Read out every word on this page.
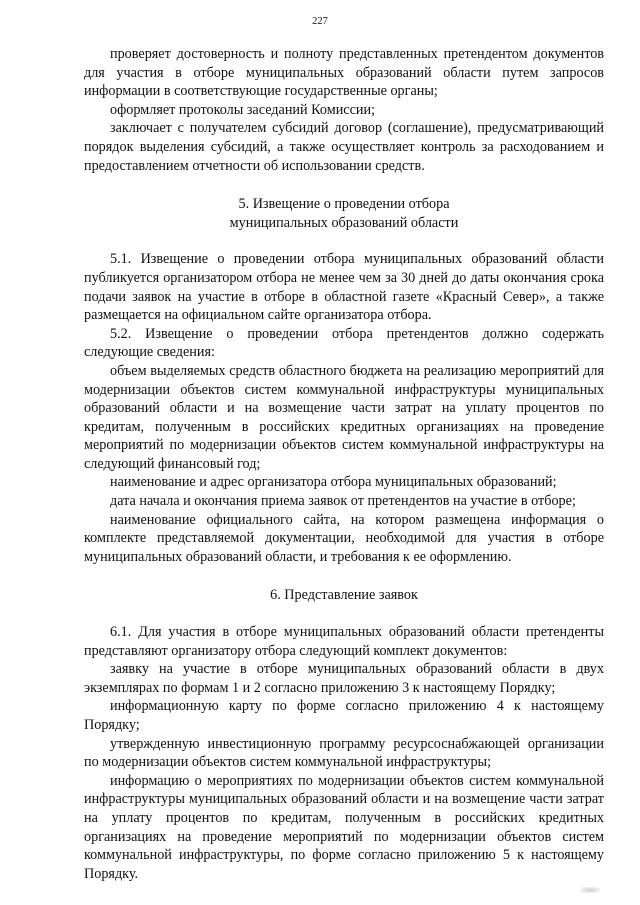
227

проверяет достоверность и полноту представленных претендентом документов для участия в отборе муниципальных образований области путем запросов информации в соответствующие государственные органы;

оформляет протоколы заседаний Комиссии;

заключает с получателем субсидий договор (соглашение), предусматривающий порядок выделения субсидий, а также осуществляет контроль за расходованием и предоставлением отчетности об использовании средств.

5. Извещение о проведении отбора
муниципальных образований области

5.1. Извещение о проведении отбора муниципальных образований области публикуется организатором отбора не менее чем за 30 дней до даты окончания срока подачи заявок на участие в отборе в областной газете «Красный Север», а также размещается на официальном сайте организатора отбора.

5.2. Извещение о проведении отбора претендентов должно содержать следующие сведения:

объем выделяемых средств областного бюджета на реализацию мероприятий для модернизации объектов систем коммунальной инфраструктуры муниципальных образований области и на возмещение части затрат на уплату процентов по кредитам, полученным в российских кредитных организациях на проведение мероприятий по модернизации объектов систем коммунальной инфраструктуры на следующий финансовый год;

наименование и адрес организатора отбора муниципальных образований;

дата начала и окончания приема заявок от претендентов на участие в отборе;

наименование официального сайта, на котором размещена информация о комплекте представляемой документации, необходимой для участия в отборе муниципальных образований области, и требования к ее оформлению.

6. Представление заявок

6.1. Для участия в отборе муниципальных образований области претенденты представляют организатору отбора следующий комплект документов:

заявку на участие в отборе муниципальных образований области в двух экземплярах по формам 1 и 2 согласно приложению 3 к настоящему Порядку;

информационную карту по форме согласно приложению 4 к настоящему Порядку;

утвержденную инвестиционную программу ресурсоснабжающей организации по модернизации объектов систем коммунальной инфраструктуры;

информацию о мероприятиях по модернизации объектов систем коммунальной инфраструктуры муниципальных образований области и на возмещение части затрат на уплату процентов по кредитам, полученным в российских кредитных организациях на проведение мероприятий по модернизации объектов систем коммунальной инфраструктуры, по форме согласно приложению 5 к настоящему Порядку.
